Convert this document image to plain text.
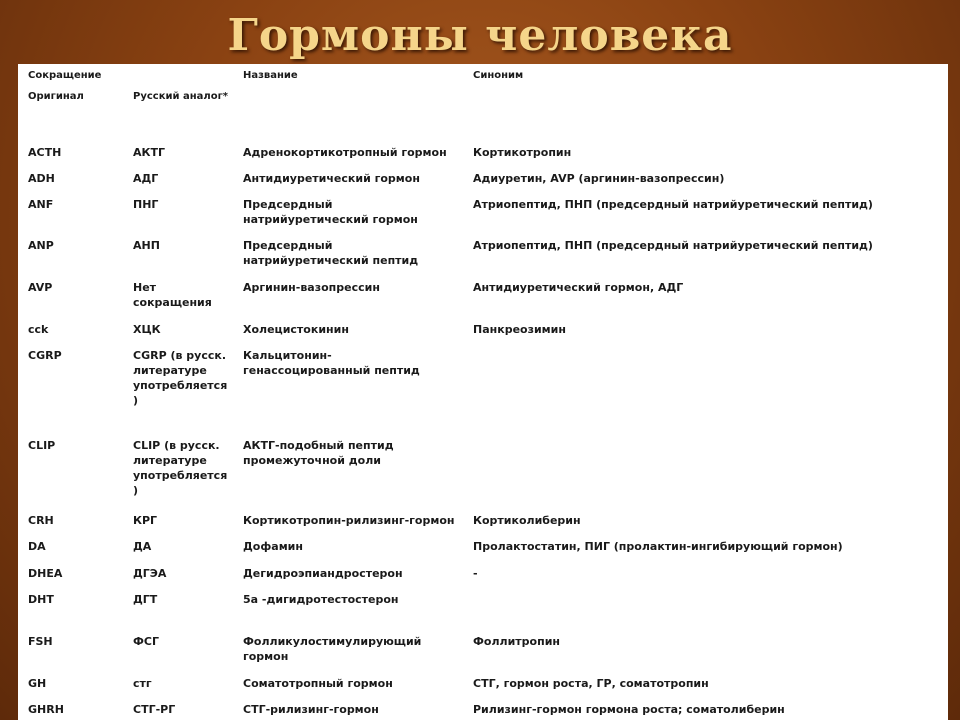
Гормоны человека
Сокращение		Название	Синоним
Оригинал	Русский аналог*		
ACTH	АКТГ	Адренокортикотропный гормон	Кортикотропин
ADH	АДГ	Антидиуретический гормон	Адиуретин, AVP (аргинин-вазопрессин)
ANF	ПНГ	Предсердный натрийуретический гормон	Атриопептид, ПНП (предсердный натрийуретический пептид)
ANP	АНП	Предсердный натрийуретический пептид	Атриопептид, ПНП (предсердный натрийуретический пептид)
AVP	Нет сокращения	Аргинин-вазопрессин	Антидиуретический гормон, АДГ
cck	ХЦК	Холецистокинин	Панкреозимин
CGRP	CGRP (в русск. литературе употребляется )	Кальцитонин-генассоцированный пептид	
CLIP	CLIP (в русск. литературе употребляется )	АКТГ-подобный пептид промежуточной доли	
CRH	КРГ	Кортикотропин-рилизинг-гормон	Кортиколиберин
DA	ДА	Дофамин	Пролактостатин, ПИГ (пролактин-ингибирующий гормон)
DHEA	ДГЭА	Дегидроэпиандростерон	-
DHT	ДГТ	5а -дигидротестостерон	
FSH	ФСГ	Фолликулостимулирующий гормон	Фоллитропин
GH	стг	Соматотропный гормон	СТГ, гормон роста, ГР, соматотропин
GHRH	СТГ-РГ	СТГ-рилизинг-гормон	Рилизинг-гормон гормона роста; соматолиберин
